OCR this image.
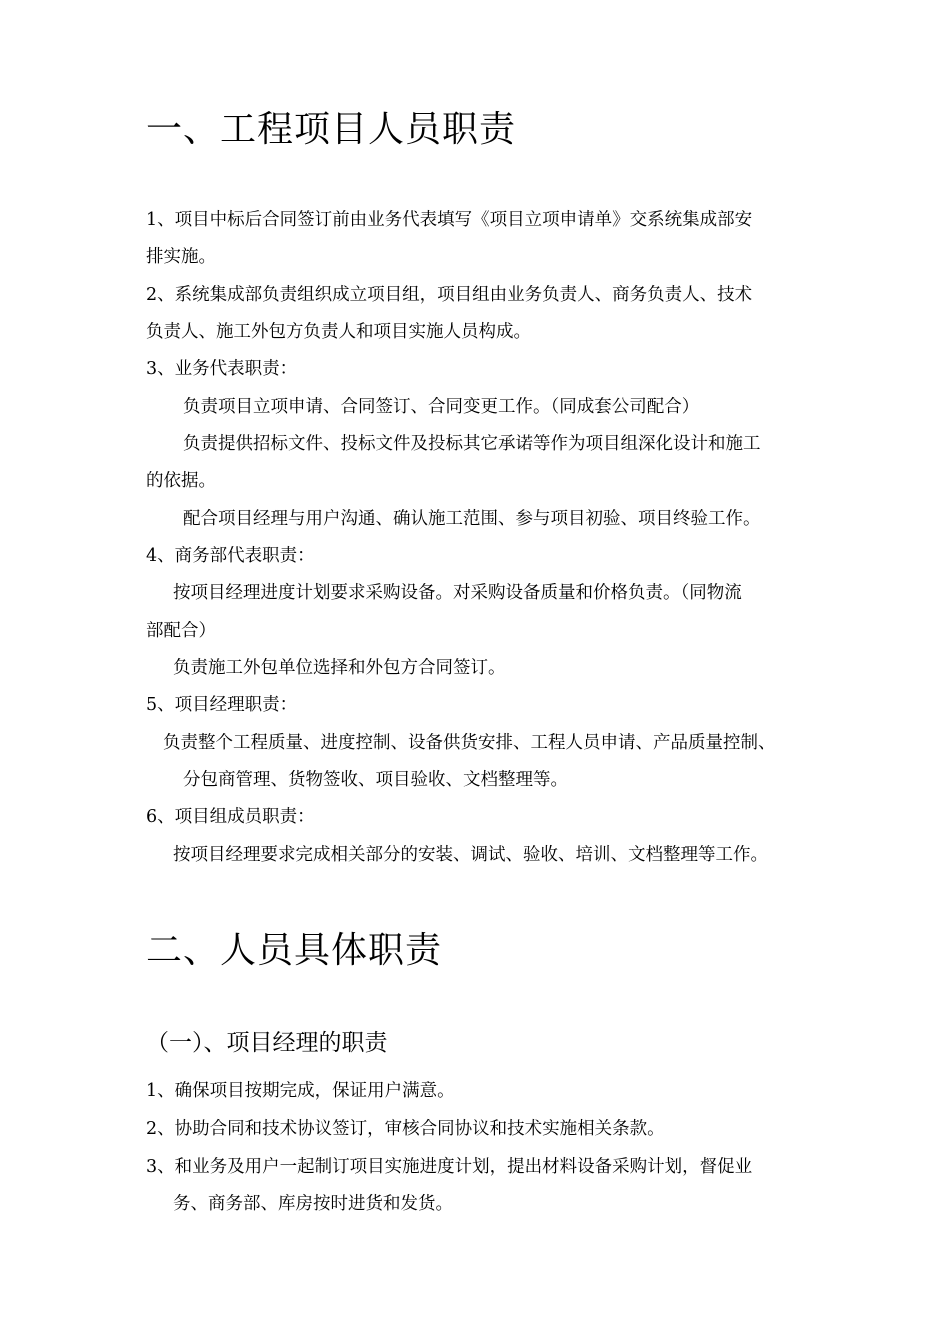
一、工程项目人员职责
1、项目中标后合同签订前由业务代表填写《项目立项申请单》交系统集成部安
排实施。
2、系统集成部负责组织成立项目组，项目组由业务负责人、商务负责人、技术
负责人、施工外包方负责人和项目实施人员构成。
3、业务代表职责：
负责项目立项申请、合同签订、合同变更工作。（同成套公司配合）
负责提供招标文件、投标文件及投标其它承诺等作为项目组深化设计和施工
的依据。
配合项目经理与用户沟通、确认施工范围、参与项目初验、项目终验工作。
4、商务部代表职责：
按项目经理进度计划要求采购设备。对采购设备质量和价格负责。（同物流
部配合）
负责施工外包单位选择和外包方合同签订。
5、项目经理职责：
负责整个工程质量、进度控制、设备供货安排、工程人员申请、产品质量控制、
分包商管理、货物签收、项目验收、文档整理等。
6、项目组成员职责：
按项目经理要求完成相关部分的安装、调试、验收、培训、文档整理等工作。
二、人员具体职责
（一）、项目经理的职责
1、确保项目按期完成，保证用户满意。
2、协助合同和技术协议签订，审核合同协议和技术实施相关条款。
3、和业务及用户一起制订项目实施进度计划，提出材料设备采购计划，督促业
务、商务部、库房按时进货和发货。
